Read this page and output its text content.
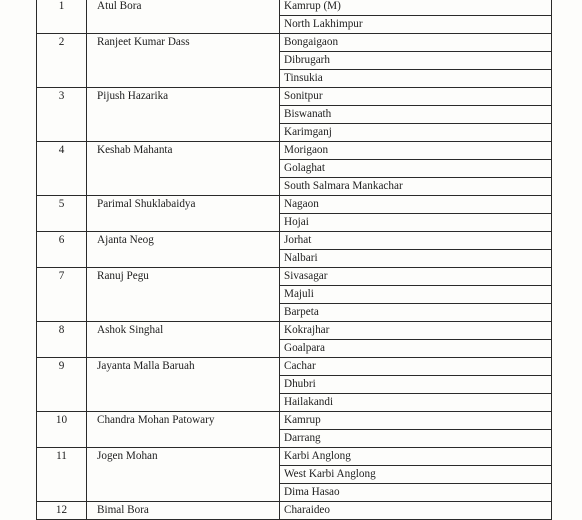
1	Atul Bora	Kamrup (M)
		North Lakhimpur
2	Ranjeet Kumar Dass	Bongaigaon
		Dibrugarh
		Tinsukia
3	Pijush Hazarika	Sonitpur
		Biswanath
		Karimganj
4	Keshab Mahanta	Morigaon
		Golaghat
		South Salmara Mankachar
5	Parimal Shuklabaidya	Nagaon
		Hojai
6	Ajanta Neog	Jorhat
		Nalbari
7	Ranuj Pegu	Sivasagar
		Majuli
		Barpeta
8	Ashok Singhal	Kokrajhar
		Goalpara
9	Jayanta Malla Baruah	Cachar
		Dhubri
		Hailakandi
10	Chandra Mohan Patowary	Kamrup
		Darrang
11	Jogen Mohan	Karbi Anglong
		West Karbi Anglong
		Dima Hasao
12	Bimal Bora	Charaideo
